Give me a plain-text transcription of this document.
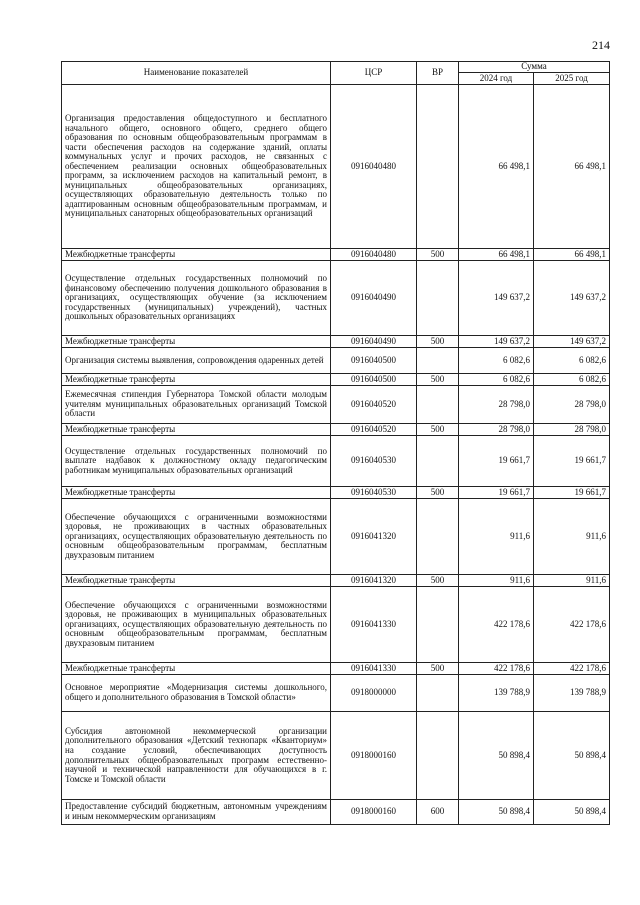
214
Наименование показателей	ЦСР	ВР	Сумма	
			2024 год	2025 год
Организация предоставления общедоступного и бесплатного начального общего, основного общего, среднего общего образования по основным общеобразовательным программам в части обеспечения расходов на содержание зданий, оплаты коммунальных услуг и прочих расходов, не связанных с обеспечением реализации основных общеобразовательных программ, за исключением расходов на капитальный ремонт, в муниципальных общеобразовательных организациях, осуществляющих образовательную деятельность только по адаптированным основным общеобразовательным программам, и муниципальных санаторных общеобразовательных организаций	0916040480		66 498,1	66 498,1
Межбюджетные трансферты	0916040480	500	66 498,1	66 498,1
Осуществление отдельных государственных полномочий по финансовому обеспечению получения дошкольного образования в организациях, осуществляющих обучение (за исключением государственных (муниципальных) учреждений), частных дошкольных образовательных организациях	0916040490		149 637,2	149 637,2
Межбюджетные трансферты	0916040490	500	149 637,2	149 637,2
Организация системы выявления, сопровождения одаренных детей	0916040500		6 082,6	6 082,6
Межбюджетные трансферты	0916040500	500	6 082,6	6 082,6
Ежемесячная стипендия Губернатора Томской области молодым учителям муниципальных образовательных организаций Томской области	0916040520		28 798,0	28 798,0
Межбюджетные трансферты	0916040520	500	28 798,0	28 798,0
Осуществление отдельных государственных полномочий по выплате надбавок к должностному окладу педагогическим работникам муниципальных образовательных организаций	0916040530		19 661,7	19 661,7
Межбюджетные трансферты	0916040530	500	19 661,7	19 661,7
Обеспечение обучающихся с ограниченными возможностями здоровья, не проживающих в частных образовательных организациях, осуществляющих образовательную деятельность по основным общеобразовательным программам, бесплатным двухразовым питанием	0916041320		911,6	911,6
Межбюджетные трансферты	0916041320	500	911,6	911,6
Обеспечение обучающихся с ограниченными возможностями здоровья, не проживающих в муниципальных образовательных организациях, осуществляющих образовательную деятельность по основным общеобразовательным программам, бесплатным двухразовым питанием	0916041330		422 178,6	422 178,6
Межбюджетные трансферты	0916041330	500	422 178,6	422 178,6
Основное мероприятие «Модернизация системы дошкольного, общего и дополнительного образования в Томской области»	0918000000		139 788,9	139 788,9
Субсидия автономной некоммерческой организации дополнительного образования «Детский технопарк «Кванториум» на создание условий, обеспечивающих доступность дополнительных общеобразовательных программ естественно-научной и технической направленности для обучающихся в г. Томске и Томской области	0918000160		50 898,4	50 898,4
Предоставление субсидий бюджетным, автономным учреждениям и иным некоммерческим организациям	0918000160	600	50 898,4	50 898,4
